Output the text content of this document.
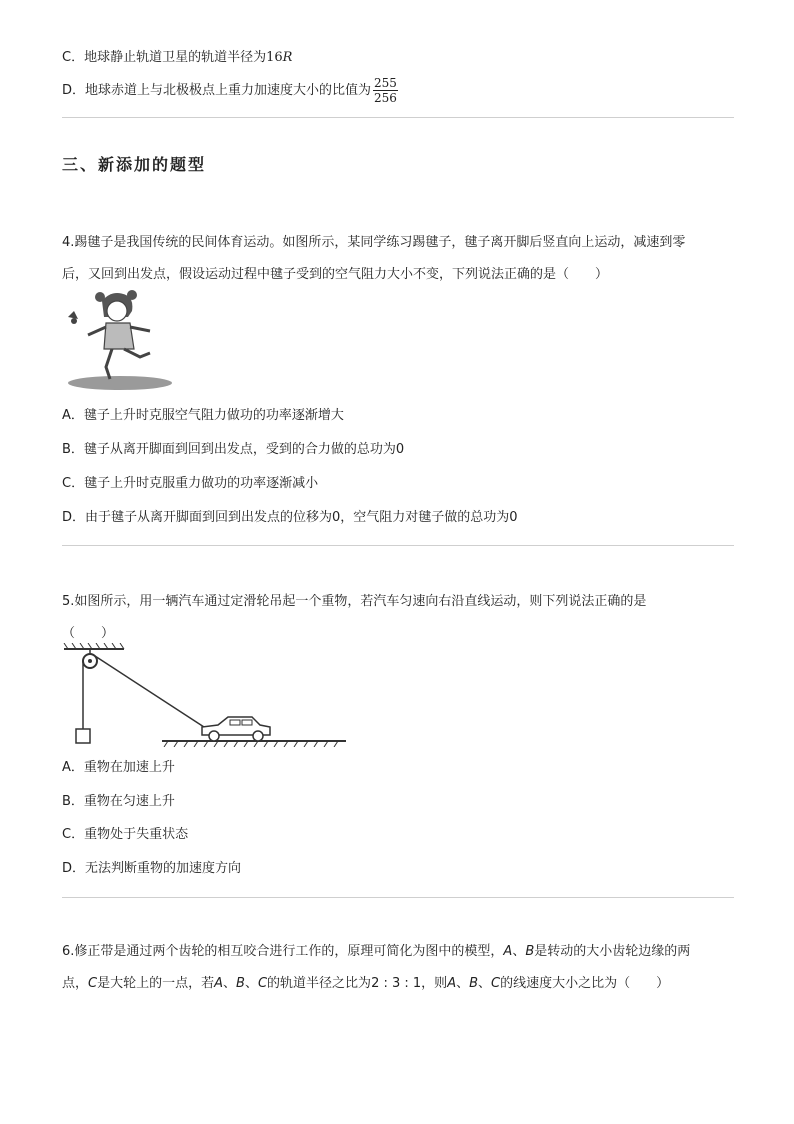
C．地球静止轨道卫星的轨道半径为16R
D．地球赤道上与北极极点上重力加速度大小的比值为 $\frac{255}{256}$
三、新添加的题型
4.踢毽子是我国传统的民间体育运动。如图所示，某同学练习踢毽子，毽子离开脚后竖直向上运动，减速到零
后，又回到出发点，假设运动过程中毽子受到的空气阻力大小不变，下列说法正确的是（　　）
A．毽子上升时克服空气阻力做功的功率逐渐增大
B．毽子从离开脚面到回到出发点，受到的合力做的总功为0
C．毽子上升时克服重力做功的功率逐渐减小
D．由于毽子从离开脚面到回到出发点的位移为0，空气阻力对毽子做的总功为0
5.如图所示，用一辆汽车通过定滑轮吊起一个重物，若汽车匀速向右沿直线运动，则下列说法正确的是
（　　）
A．重物在加速上升
B．重物在匀速上升
C．重物处于失重状态
D．无法判断重物的加速度方向
6.修正带是通过两个齿轮的相互咬合进行工作的，原理可简化为图中的模型，A、B是转动的大小齿轮边缘的两
点，C是大轮上的一点，若A、B、C的轨道半径之比为2 : 3 : 1，则A、B、C的线速度大小之比为（　　）
